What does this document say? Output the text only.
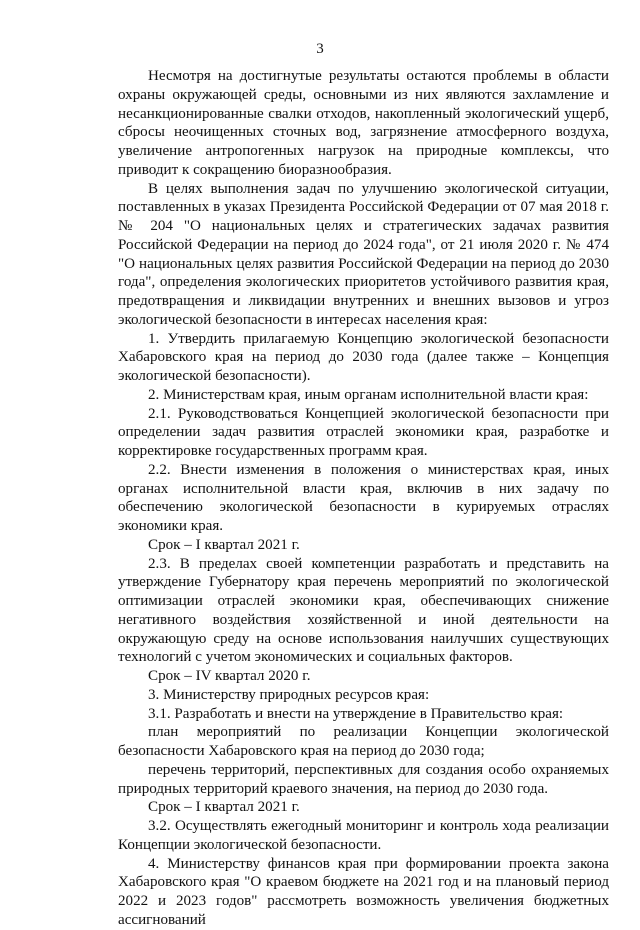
3

Несмотря на достигнутые результаты остаются проблемы в области охраны окружающей среды, основными из них являются захламление и несанкционированные свалки отходов, накопленный экологический ущерб, сбросы неочищенных сточных вод, загрязнение атмосферного воздуха, увеличение антропогенных нагрузок на природные комплексы, что приводит к сокращению биоразнообразия.

В целях выполнения задач по улучшению экологической ситуации, поставленных в указах Президента Российской Федерации от 07 мая 2018 г. № 204 "О национальных целях и стратегических задачах развития Российской Федерации на период до 2024 года", от 21 июля 2020 г. № 474 "О национальных целях развития Российской Федерации на период до 2030 года", определения экологических приоритетов устойчивого развития края, предотвращения и ликвидации внутренних и внешних вызовов и угроз экологической безопасности в интересах населения края:

1. Утвердить прилагаемую Концепцию экологической безопасности Хабаровского края на период до 2030 года (далее также – Концепция экологической безопасности).

2. Министерствам края, иным органам исполнительной власти края:

2.1. Руководствоваться Концепцией экологической безопасности при определении задач развития отраслей экономики края, разработке и корректировке государственных программ края.

2.2. Внести изменения в положения о министерствах края, иных органах исполнительной власти края, включив в них задачу по обеспечению экологической безопасности в курируемых отраслях экономики края.

Срок – I квартал 2021 г.

2.3. В пределах своей компетенции разработать и представить на утверждение Губернатору края перечень мероприятий по экологической оптимизации отраслей экономики края, обеспечивающих снижение негативного воздействия хозяйственной и иной деятельности на окружающую среду на основе использования наилучших существующих технологий с учетом экономических и социальных факторов.

Срок – IV квартал 2020 г.

3. Министерству природных ресурсов края:

3.1. Разработать и внести на утверждение в Правительство края:

план мероприятий по реализации Концепции экологической безопасности Хабаровского края на период до 2030 года;

перечень территорий, перспективных для создания особо охраняемых природных территорий краевого значения, на период до 2030 года.

Срок – I квартал 2021 г.

3.2. Осуществлять ежегодный мониторинг и контроль хода реализации Концепции экологической безопасности.

4. Министерству финансов края при формировании проекта закона Хабаровского края "О краевом бюджете на 2021 год и на плановый период 2022 и 2023 годов" рассмотреть возможность увеличения бюджетных ассигнований
